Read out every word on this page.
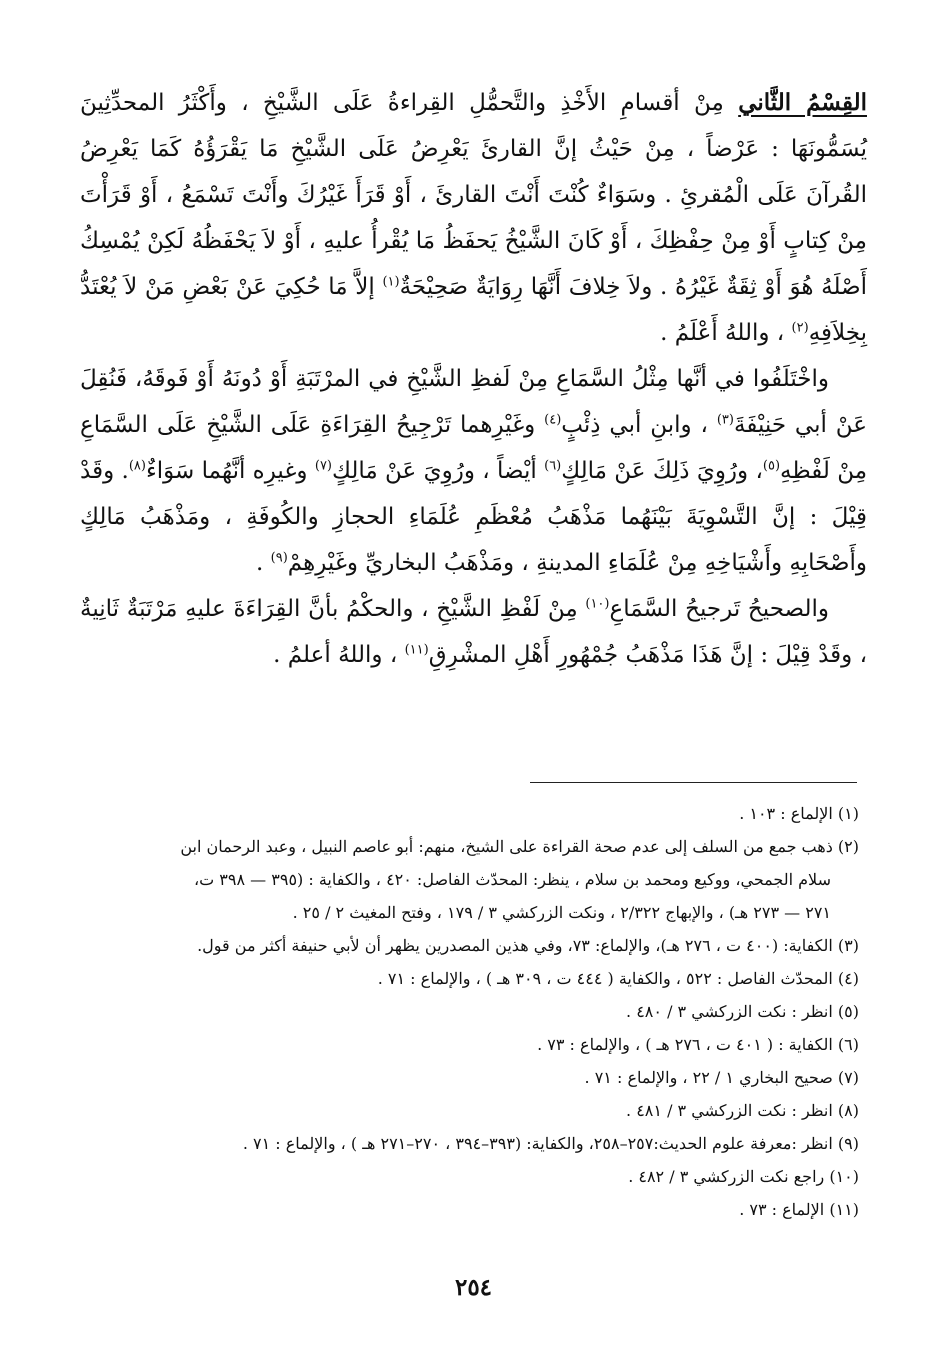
القِسْمُ الثَّاني مِنْ أقسامِ الأَخْذِ والتَّحمُّلِ القِراءةُ عَلَى الشَّيْخِ ، وأَكْثَرُ المحدِّثِينَ يُسَمُّونَهَا : عَرْضاً ، مِنْ حَيْثُ إنَّ القارئَ يَعْرِضُ عَلَى الشَّيْخِ مَا يَقْرَؤُهُ كَمَا يَعْرِضُ القُرآنَ عَلَى الْمُقرئِ . وسَوَاءٌ كُنْتَ أَنْتَ القارئَ ، أَوْ قَرَأَ غَيْرُكَ وأَنْتَ تَسْمَعُ ، أَوْ قَرَأْتَ مِنْ كِتابٍ أَوْ مِنْ حِفْظِكَ ، أَوْ كَانَ الشَّيْخُ يَحفَظُ مَا يُقْرأُ عليهِ ، أَوْ لاَ يَحْفَظُهُ لَكِنْ يُمْسِكُ أَصْلَهُ هُوَ أَوْ ثِقَةٌ غَيْرُهُ . ولاَ خِلافَ أَنَّهَا رِوَايَةٌ صَحِيْحَةٌ$^{(١)}$ إلاَّ مَا حُكِيَ عَنْ بَعْضِ مَنْ لاَ يُعْتَدُّ بِخِلاَفِهِ$^{(٢)}$ ، واللهُ أَعْلَمُ .

واخْتَلَفُوا في أنَّها مِثْلُ السَّمَاعِ مِنْ لَفظِ الشَّيْخِ في المرْتَبَةِ أَوْ دُونَهُ أَوْ فَوقَهُ، فَنُقِلَ عَنْ أبي حَنِيْفَةَ$^{(٣)}$ ، وابنِ أبي ذِئْبٍ$^{(٤)}$ وغَيْرِهما تَرْجِيحُ القِرَاءَةِ عَلَى الشَّيْخِ عَلَى السَّمَاعِ مِنْ لَفْظِهِ$^{(٥)}$، ورُوِيَ ذَلِكَ عَنْ مَالِكٍ$^{(٦)}$ أيْضاً ، ورُوِيَ عَنْ مَالِكٍ$^{(٧)}$ وغيرِه أنَّهُما سَوَاءٌ$^{(٨)}$. وقَدْ قِيْلَ : إنَّ التَّسْوِيَةَ بَيْنَهُما مَذْهَبُ مُعْظَمِ عُلَمَاءِ الحجازِ والكُوفَةِ ، ومَذْهَبُ مَالِكٍ وأَصْحَابِهِ وأَشْيَاخِهِ مِنْ عُلَمَاءِ المدينةِ ، ومَذْهَبُ البخاريِّ وغَيْرِهِمْ$^{(٩)}$ .

والصحيحُ تَرجيحُ السَّمَاعِ$^{(١٠)}$ مِنْ لَفْظِ الشَّيْخِ ، والحكْمُ بأنَّ القِرَاءَةَ عليهِ مَرْتَبَةٌ ثَانِيةٌ ، وقَدْ قِيْلَ : إنَّ هَذَا مَذْهَبُ جُمْهُورِ أَهْلِ المشْرِقِ$^{(١١)}$ ، واللهُ أعلمُ .

(١) الإلماع : ١٠٣ .

(٢) ذهب جمع من السلف إلى عدم صحة القراءة على الشيخ، منهم: أبو عاصم النبيل ، وعبد الرحمان ابن

سلام الجمحي، ووكيع ومحمد بن سلام ، ينظر: المحدّث الفاصل: ٤٢٠ ، والكفاية : (٣٩٥ — ٣٩٨ ت،

٢٧١ — ٢٧٣ هـ) ، والإبهاج ٢/٣٢٢ ، ونكت الزركشي ٣ / ١٧٩ ، وفتح المغيث ٢ / ٢٥ .

(٣) الكفاية: (٤٠٠ ت ، ٢٧٦ هـ)، والإلماع: ٧٣، وفي هذين المصدرين يظهر أن لأبي حنيفة أكثر من قول.

(٤) المحدّث الفاصل : ٥٢٢ ، والكفاية ( ٤٤٤ ت ، ٣٠٩ هـ ) ، والإلماع : ٧١ .

(٥) انظر : نكت الزركشي ٣ / ٤٨٠ .

(٦) الكفاية : ( ٤٠١ ت ، ٢٧٦ هـ ) ، والإلماع : ٧٣ .

(٧) صحيح البخاري ١ / ٢٢ ، والإلماع : ٧١ .

(٨) انظر : نكت الزركشي ٣ / ٤٨١ .

(٩) انظر :معرفة علوم الحديث:٢٥٧–٢٥٨، والكفاية: (٣٩٣–٣٩٤ ، ٢٧٠–٢٧١ هـ ) ، والإلماع : ٧١ .

(١٠) راجع نكت الزركشي ٣ / ٤٨٢ .

(١١) الإلماع : ٧٣ .

٢٥٤
